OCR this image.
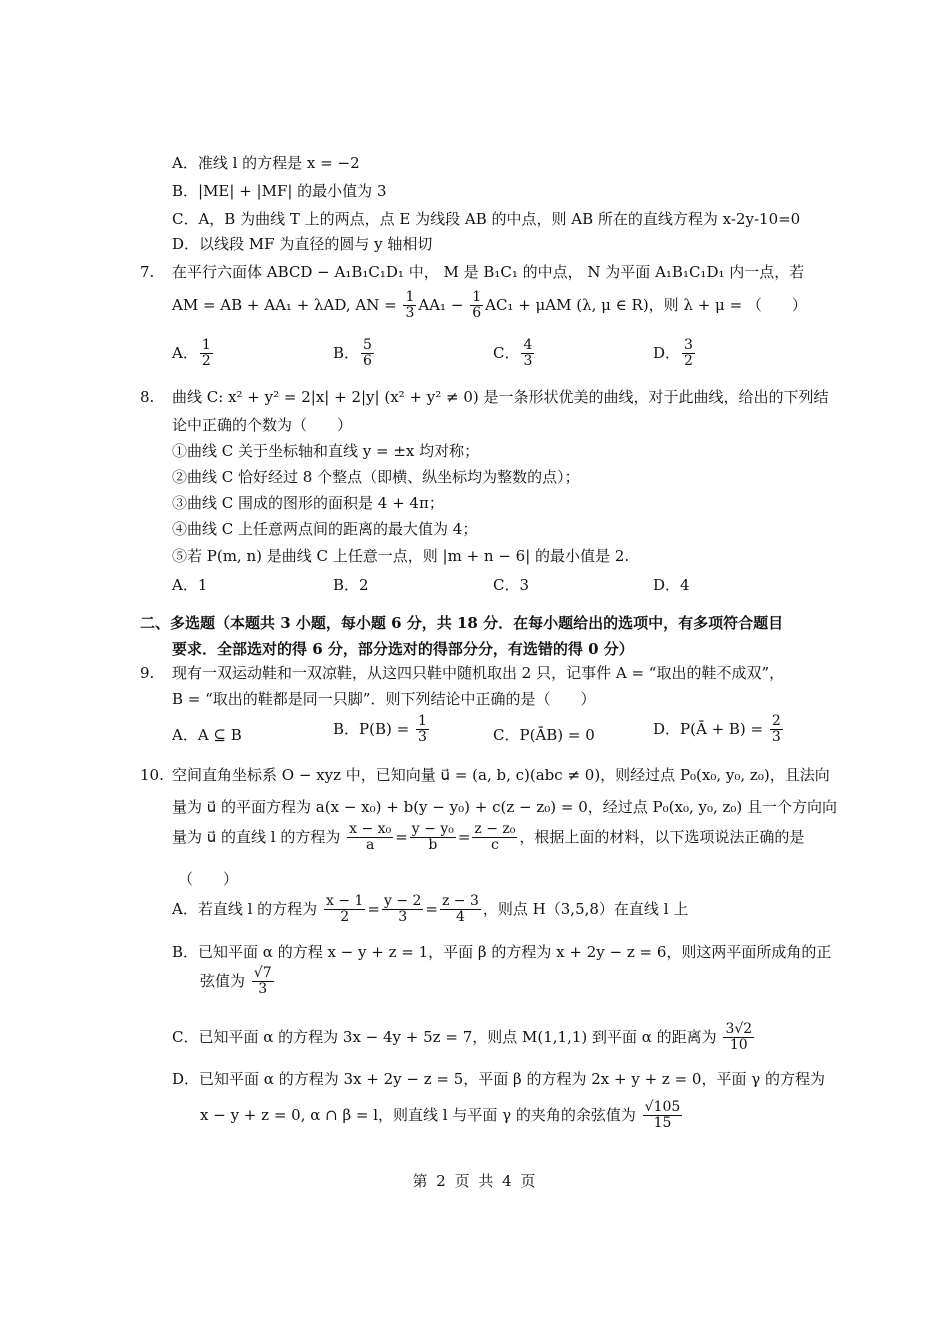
A．准线 l 的方程是 x = −2
B．|ME| + |MF| 的最小值为 3
C．A，B 为曲线 T 上的两点，点 E 为线段 AB 的中点，则 AB 所在的直线方程为 x-2y-10=0
D．以线段 MF 为直径的圆与 y 轴相切
7. 在平行六面体 ABCD − A₁B₁C₁D₁ 中， M 是 B₁C₁ 的中点， N 为平面 A₁B₁C₁D₁ 内一点，若
AM = AB + AA₁ + λAD, AN = $\frac{1}{3} AA_1 - \frac{1}{6} AC_1 + \mu AM$ (λ, μ ∈ R)，则 λ + μ = （　　）
A． $\frac{1}{2}$	B． $\frac{5}{6}$	C． $\frac{4}{3}$	D． $\frac{3}{2}$
8. 曲线 C: x² + y² = 2|x| + 2|y| (x² + y² ≠ 0) 是一条形状优美的曲线，对于此曲线，给出的下列结
论中正确的个数为（　　）
①曲线 C 关于坐标轴和直线 y = ±x 均对称；
②曲线 C 恰好经过 8 个整点（即横、纵坐标均为整数的点）；
③曲线 C 围成的图形的面积是 4 + 4π；
④曲线 C 上任意两点间的距离的最大值为 4；
⑤若 P(m, n) 是曲线 C 上任意一点，则 |m + n − 6| 的最小值是 2.
A．1	B．2	C．3	D．4
二、多选题（本题共 3 小题，每小题 6 分，共 18 分．在每小题给出的选项中，有多项符合题目
要求．全部选对的得 6 分，部分选对的得部分分，有选错的得 0 分）
9. 现有一双运动鞋和一双凉鞋，从这四只鞋中随机取出 2 只，记事件 A = “取出的鞋不成双”，
B = “取出的鞋都是同一只脚”．则下列结论中正确的是（　　）
A．A ⊆ B	B．$P(B) = \frac{1}{3}$	C．P(ĀB) = 0	D．P(Ā + $B) = \frac{2}{3}$
10. 空间直角坐标系 O − xyz 中，已知向量 u⃗ = (a, b, c)(abc ≠ 0)，则经过点 P₀(x₀, y₀, z₀)，且法向
量为 u⃗ 的平面方程为 a(x − x₀) + b(y − y₀) + c(z − z₀) = 0，经过点 P₀(x₀, y₀, z₀) 且一个方向向
量为 u⃗ 的直线 l 的方程为 $\frac{\text{x − x₀}}{a} = \frac{\text{y − y₀}}{b} = \frac{\text{z − z₀}}{c}$ ，根据上面的材料，以下选项说法正确的是
（　　）
A．若直线 l 的方程为 $\frac{x - 1}{2} = \frac{y - 2}{3} = \frac{z - 3}{4}$ ，则点 H（3,5,8）在直线 l 上
B．已知平面 α 的方程 x − y + z = 1，平面 β 的方程为 x + 2y − z = 6，则这两平面所成角的正
弦值为 $\frac{√7}{3}$
C．已知平面 α 的方程为 3x − 4y + 5z = 7，则点 M(1,1,1) 到平面 α 的距离为 $\frac{3√2}{10}$
D．已知平面 α 的方程为 3x + 2y − z = 5，平面 β 的方程为 2x + y + z = 0，平面 γ 的方程为
x − y + z = 0, α ∩ β = l，则直线 l 与平面 γ 的夹角的余弦值为 $\frac{√105}{15}$
第 2 页 共 4 页
